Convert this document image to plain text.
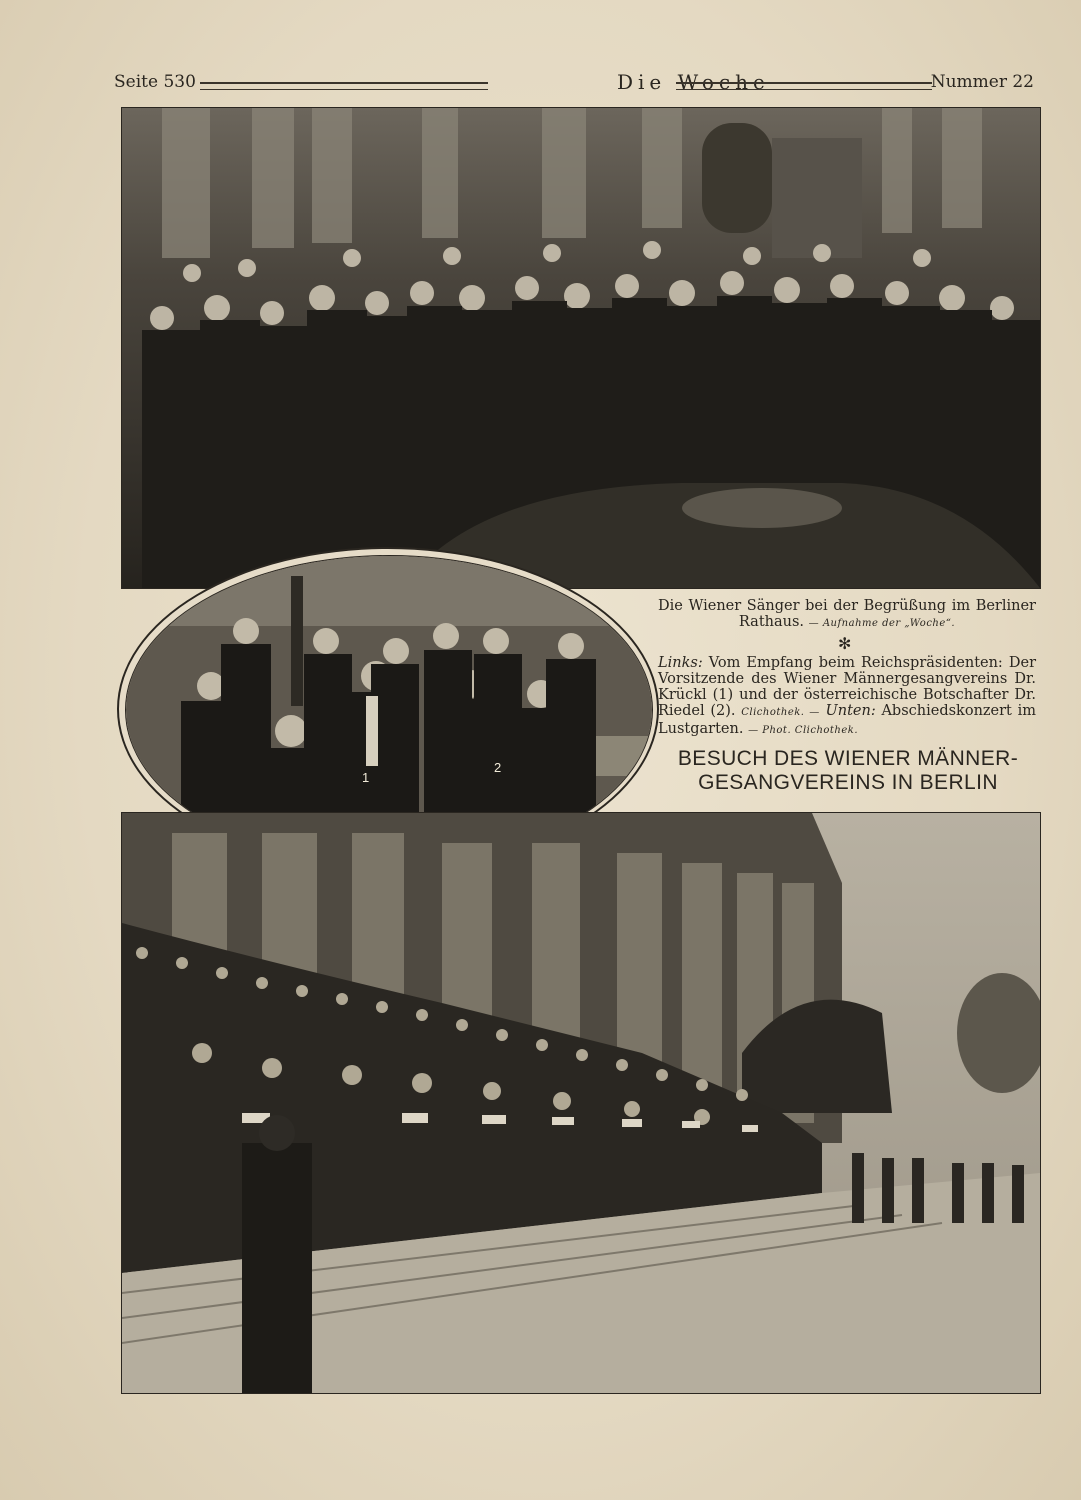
Seite 530	Die Woche	Nummer 22
1
2
Die Wiener Sänger bei der Begrüßung im Berliner Rathaus. — Aufnahme der „Woche“.
✻
Links: Vom Empfang beim Reichspräsidenten: Der Vorsitzende des Wiener Männergesangvereins Dr. Krückl (1) und der österreichische Botschafter Dr. Riedel (2). Clichothek. — Unten: Abschiedskonzert im Lustgarten. — Phot. Clichothek.
BESUCH DES WIENER MÄNNER-
GESANGVEREINS IN BERLIN
